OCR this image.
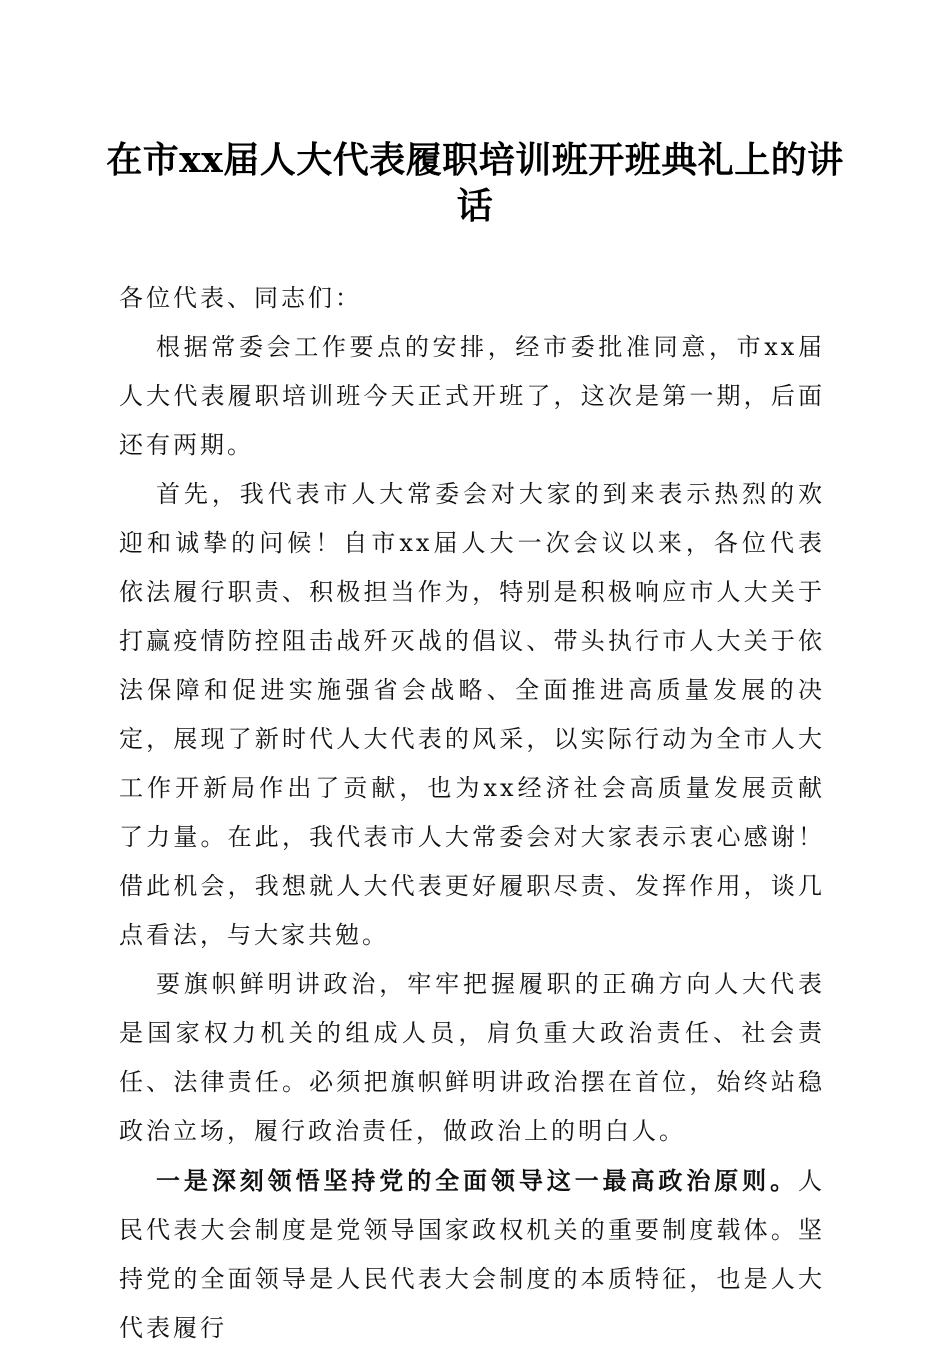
在市xx届人大代表履职培训班开班典礼上的讲话

各位代表、同志们：

根据常委会工作要点的安排，经市委批准同意，市xx届人大代表履职培训班今天正式开班了，这次是第一期，后面还有两期。

首先，我代表市人大常委会对大家的到来表示热烈的欢迎和诚挚的问候！自市xx届人大一次会议以来，各位代表依法履行职责、积极担当作为，特别是积极响应市人大关于打赢疫情防控阻击战歼灭战的倡议、带头执行市人大关于依法保障和促进实施强省会战略、全面推进高质量发展的决定，展现了新时代人大代表的风采，以实际行动为全市人大工作开新局作出了贡献，也为xx经济社会高质量发展贡献了力量。在此，我代表市人大常委会对大家表示衷心感谢！借此机会，我想就人大代表更好履职尽责、发挥作用，谈几点看法，与大家共勉。

要旗帜鲜明讲政治，牢牢把握履职的正确方向人大代表是国家权力机关的组成人员，肩负重大政治责任、社会责任、法律责任。必须把旗帜鲜明讲政治摆在首位，始终站稳政治立场，履行政治责任，做政治上的明白人。

一是深刻领悟坚持党的全面领导这一最高政治原则。人民代表大会制度是党领导国家政权机关的重要制度载体。坚持党的全面领导是人民代表大会制度的本质特征，也是人大代表履行
